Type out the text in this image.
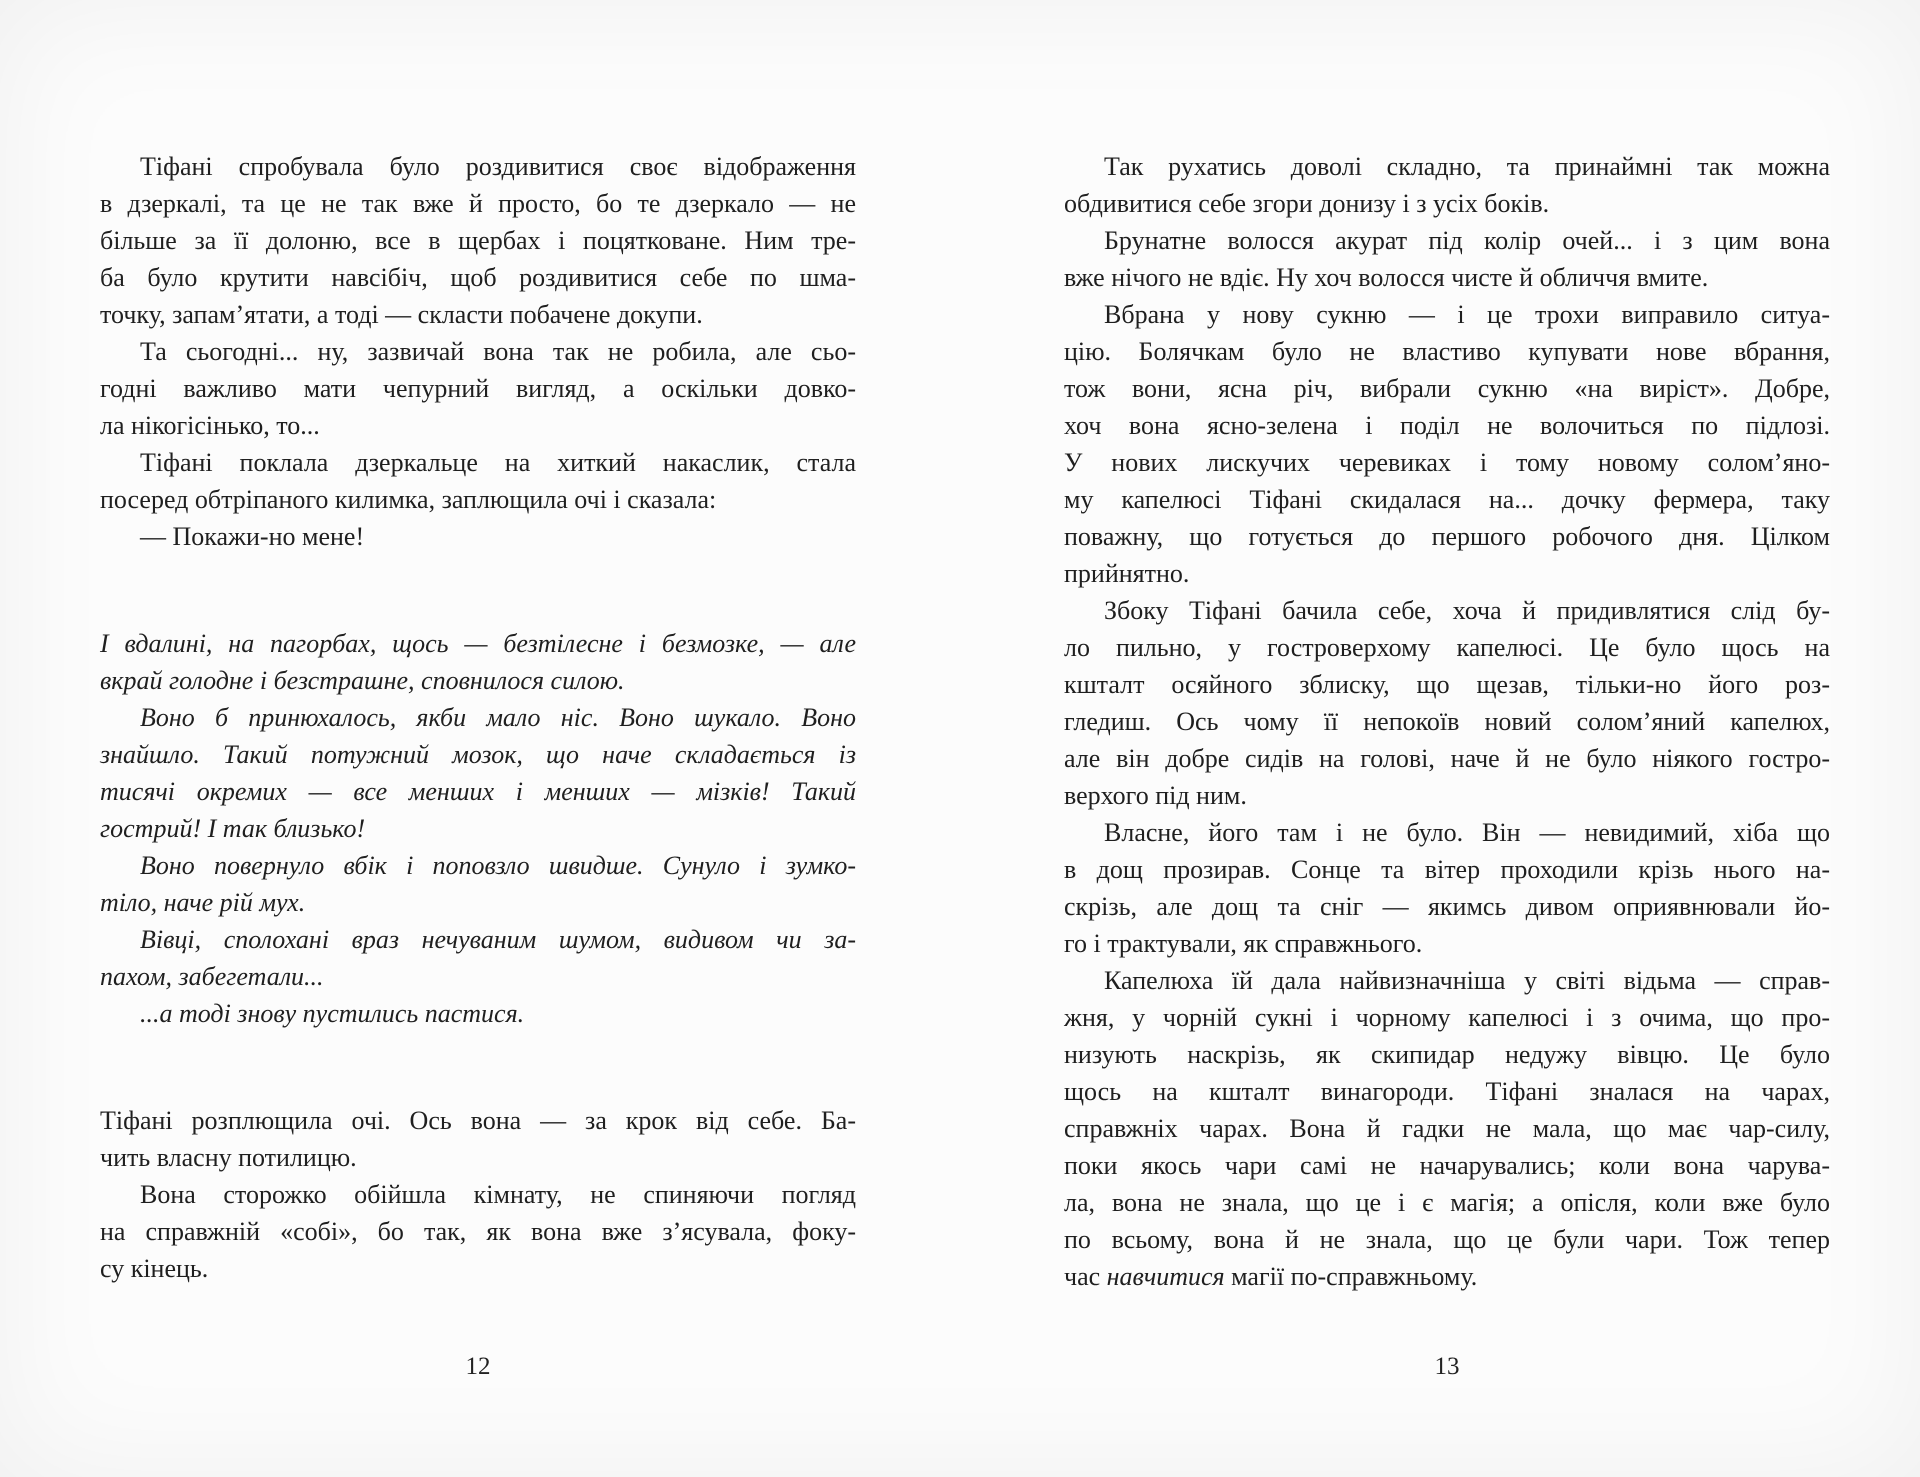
Тіфані спробувала було роздивитися своє відображення
в дзеркалі, та це не так вже й просто, бо те дзеркало — не
більше за її долоню, все в щербах і поцятковане. Ним тре-
ба було крутити навсібіч, щоб роздивитися себе по шма-
точку, запам’ятати, а тоді — скласти побачене докупи.
Та сьогодні... ну, зазвичай вона так не робила, але сьо-
годні важливо мати чепурний вигляд, а оскільки довко-
ла нікогісінько, то...
Тіфані поклала дзеркальце на хиткий накаслик, стала
посеред обтріпаного килимка, заплющила очі і сказала:
— Покажи-но мене!
І вдалині, на пагорбах, щось — безтілесне і безмозке, — але
вкрай голодне і безстрашне, сповнилося силою.
Воно б принюхалось, якби мало ніс. Воно шукало. Воно
знайшло. Такий потужний мозок, що наче складається із
тисячі окремих — все менших і менших — мізків! Такий
гострий! І так близько!
Воно повернуло вбік і поповзло швидше. Сунуло і зумко-
тіло, наче рій мух.
Вівці, сполохані враз нечуваним шумом, видивом чи за-
пахом, забегетали...
...а тоді знову пустились пастися.
Тіфані розплющила очі. Ось вона — за крок від себе. Ба-
чить власну потилицю.
Вона сторожко обійшла кімнату, не спиняючи погляд
на справжній «собі», бо так, як вона вже з’ясувала, фоку-
су кінець.
12
Так рухатись доволі складно, та принаймні так можна
обдивитися себе згори донизу і з усіх боків.
Брунатне волосся акурат під колір очей... і з цим вона
вже нічого не вдіє. Ну хоч волосся чисте й обличчя вмите.
Вбрана у нову сукню — і це трохи виправило ситуа-
цію. Болячкам було не властиво купувати нове вбрання,
тож вони, ясна річ, вибрали сукню «на виріст». Добре,
хоч вона ясно-зелена і поділ не волочиться по підлозі.
У нових лискучих черевиках і тому новому солом’яно-
му капелюсі Тіфані скидалася на... дочку фермера, таку
поважну, що готується до першого робочого дня. Цілком
прийнятно.
Збоку Тіфані бачила себе, хоча й придивлятися слід бу-
ло пильно, у гостроверхому капелюсі. Це було щось на
кшталт осяйного зблиску, що щезав, тільки-но його роз-
гледиш. Ось чому її непокоїв новий солом’яний капелюх,
але він добре сидів на голові, наче й не було ніякого гостро-
верхого під ним.
Власне, його там і не було. Він — невидимий, хіба що
в дощ прозирав. Сонце та вітер проходили крізь нього на-
скрізь, але дощ та сніг — якимсь дивом оприявнювали йо-
го і трактували, як справжнього.
Капелюха їй дала найвизначніша у світі відьма — справ-
жня, у чорній сукні і чорному капелюсі і з очима, що про-
низують наскрізь, як скипидар недужу вівцю. Це було
щось на кшталт винагороди. Тіфані зналася на чарах,
справжніх чарах. Вона й гадки не мала, що має чар-силу,
поки якось чари самі не начарувались; коли вона чарува-
ла, вона не знала, що це і є магія; а опісля, коли вже було
по всьому, вона й не знала, що це були чари. Тож тепер
час навчитися магії по-справжньому.
13
